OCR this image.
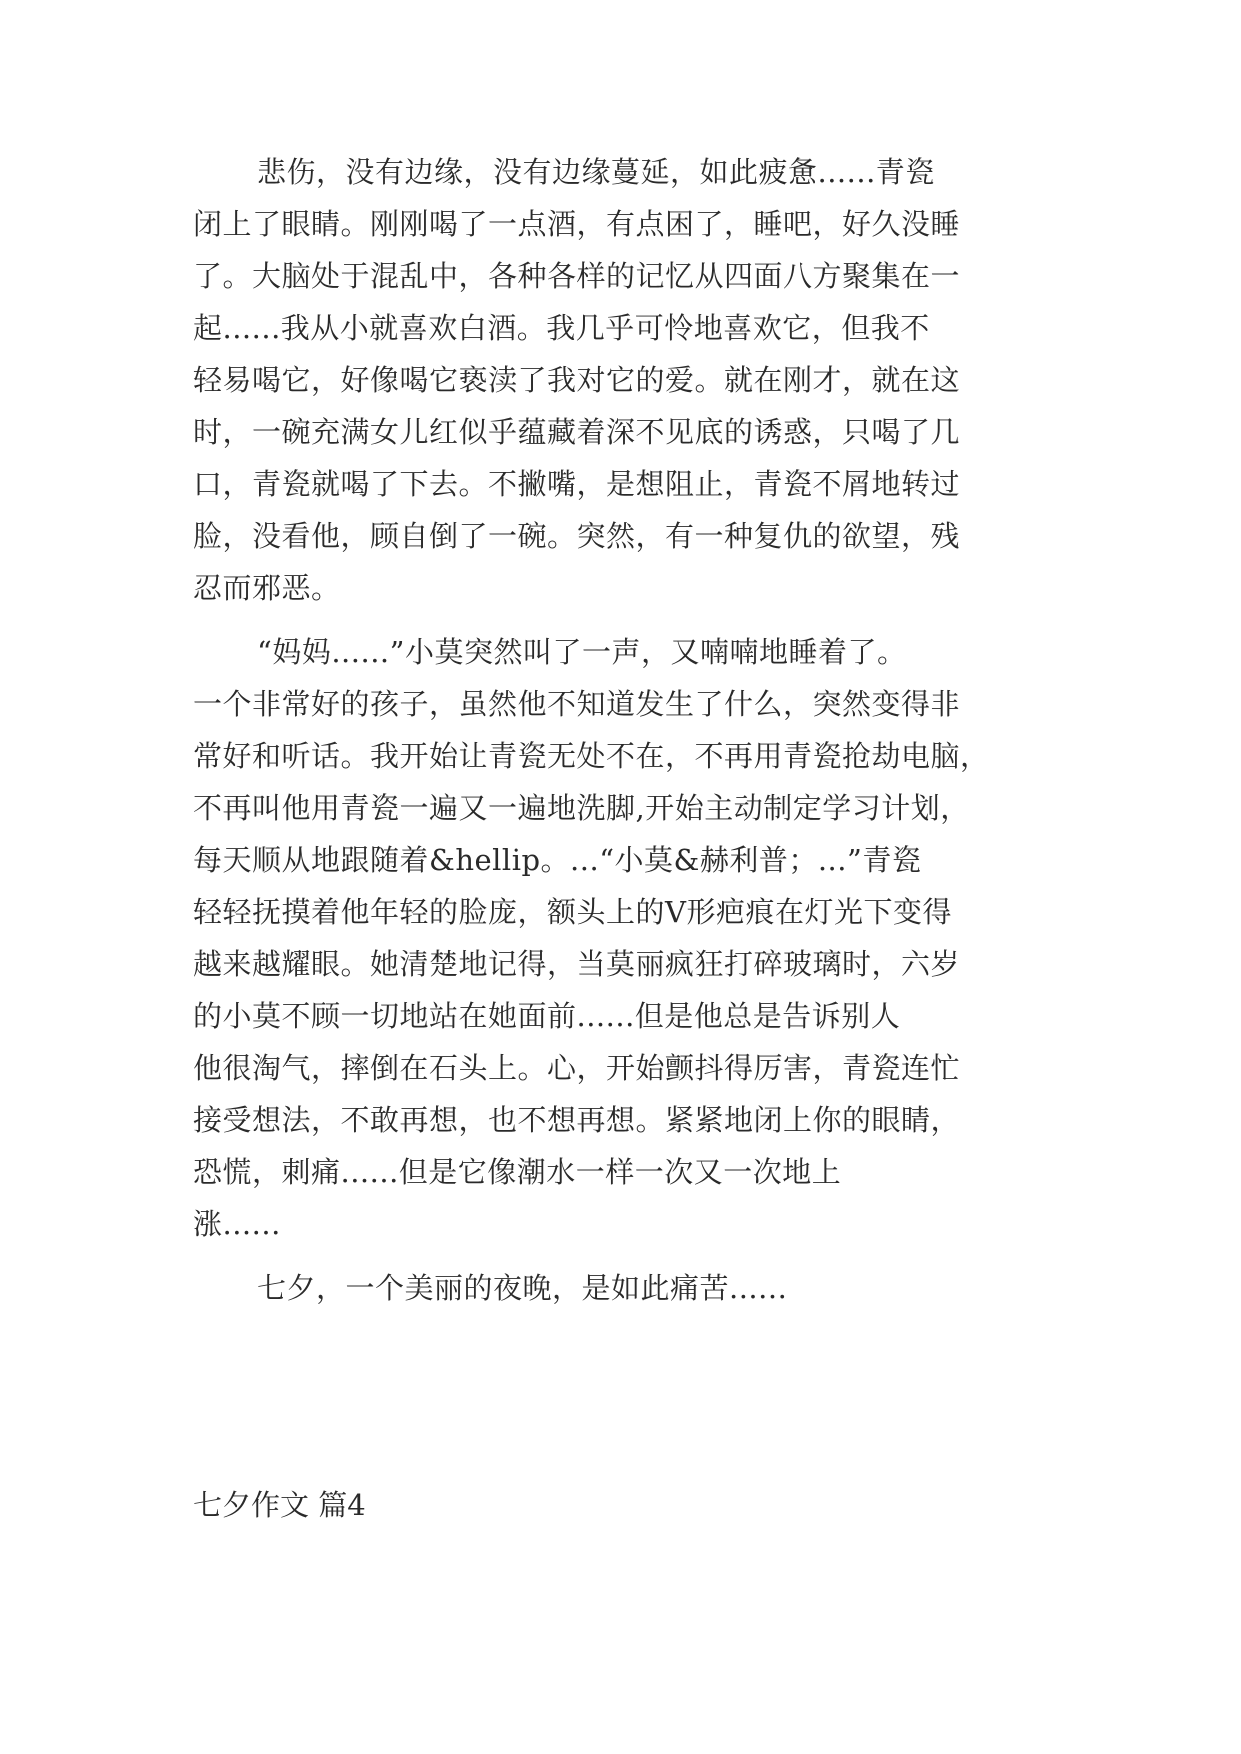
悲伤，没有边缘，没有边缘蔓延，如此疲惫......青瓷
闭上了眼睛。刚刚喝了一点酒，有点困了，睡吧，好久没睡
了。大脑处于混乱中，各种各样的记忆从四面八方聚集在一
起......我从小就喜欢白酒。我几乎可怜地喜欢它，但我不
轻易喝它，好像喝它亵渎了我对它的爱。就在刚才，就在这
时，一碗充满女儿红似乎蕴藏着深不见底的诱惑，只喝了几
口，青瓷就喝了下去。不撇嘴，是想阻止，青瓷不屑地转过
脸，没看他，顾自倒了一碗。突然，有一种复仇的欲望，残
忍而邪恶。
“妈妈......”小莫突然叫了一声，又喃喃地睡着了。
一个非常好的孩子，虽然他不知道发生了什么，突然变得非
常好和听话。我开始让青瓷无处不在，不再用青瓷抢劫电脑，
不再叫他用青瓷一遍又一遍地洗脚,开始主动制定学习计划，
每天顺从地跟随着&hellip。...“小莫&赫利普；...”青瓷
轻轻抚摸着他年轻的脸庞，额头上的V形疤痕在灯光下变得
越来越耀眼。她清楚地记得，当莫丽疯狂打碎玻璃时，六岁
的小莫不顾一切地站在她面前......但是他总是告诉别人
他很淘气，摔倒在石头上。心，开始颤抖得厉害，青瓷连忙
接受想法，不敢再想，也不想再想。紧紧地闭上你的眼睛，
恐慌，刺痛......但是它像潮水一样一次又一次地上
涨......
七夕，一个美丽的夜晚，是如此痛苦......
七夕作文 篇4
